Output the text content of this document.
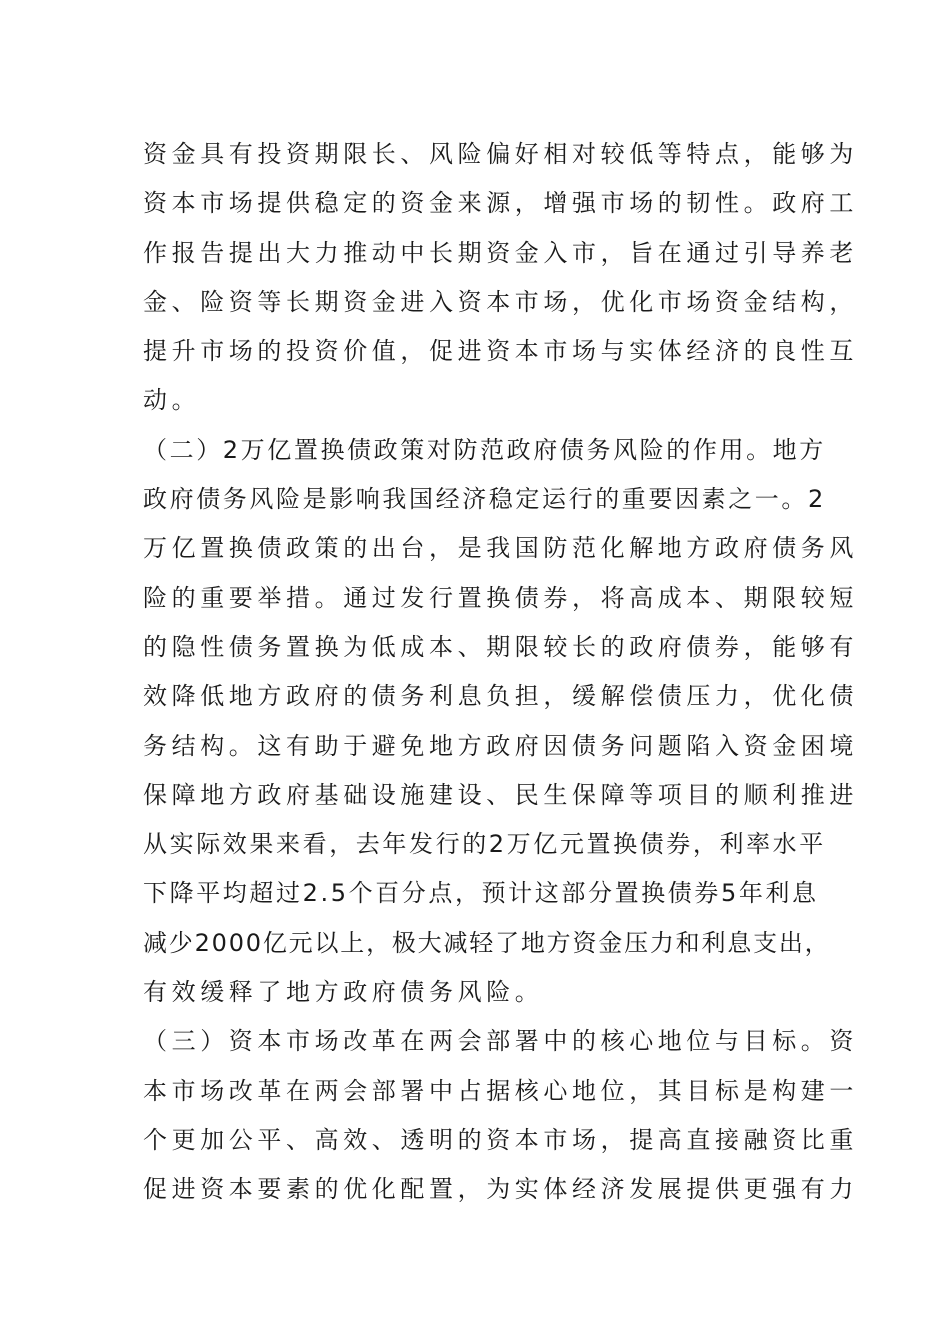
资金具有投资期限长、风险偏好相对较低等特点，能够为
资本市场提供稳定的资金来源，增强市场的韧性。政府工
作报告提出大力推动中长期资金入市，旨在通过引导养老
金、险资等长期资金进入资本市场，优化市场资金结构，
提升市场的投资价值，促进资本市场与实体经济的良性互
动。
（二）2万亿置换债政策对防范政府债务风险的作用。地方
政府债务风险是影响我国经济稳定运行的重要因素之一。2
万亿置换债政策的出台，是我国防范化解地方政府债务风
险的重要举措。通过发行置换债券，将高成本、期限较短
的隐性债务置换为低成本、期限较长的政府债券，能够有
效降低地方政府的债务利息负担，缓解偿债压力，优化债
务结构。这有助于避免地方政府因债务问题陷入资金困境
保障地方政府基础设施建设、民生保障等项目的顺利推进
从实际效果来看，去年发行的2万亿元置换债券，利率水平
下降平均超过2.5个百分点，预计这部分置换债券5年利息
减少2000亿元以上，极大减轻了地方资金压力和利息支出，
有效缓释了地方政府债务风险。
（三）资本市场改革在两会部署中的核心地位与目标。资
本市场改革在两会部署中占据核心地位，其目标是构建一
个更加公平、高效、透明的资本市场，提高直接融资比重
促进资本要素的优化配置，为实体经济发展提供更强有力
